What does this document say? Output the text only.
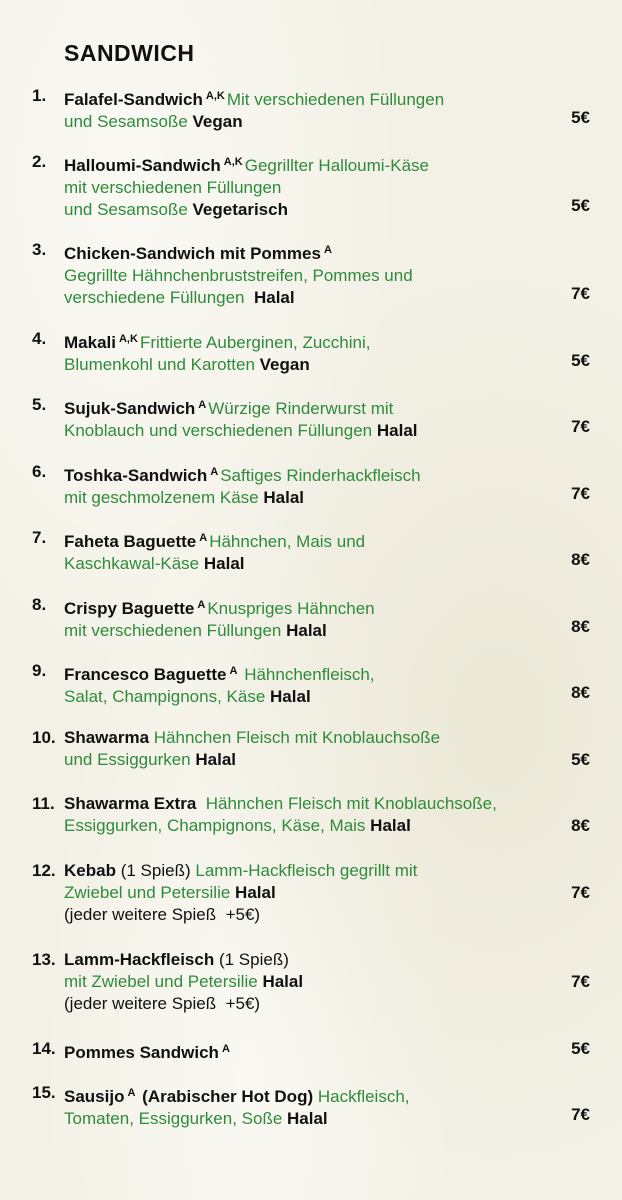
SANDWICH
1. Falafel-Sandwich $^{A,K}$ Mit verschiedenen Füllungen
und Sesamsoße Vegan	5€
2. Halloumi-Sandwich $^{A,K}$ Gegrillter Halloumi-Käse
mit verschiedenen Füllungen
und Sesamsoße Vegetarisch	5€
3. Chicken-Sandwich mit Pommes $^A$
Gegrillte Hähnchenbruststreifen, Pommes und
verschiedene Füllungen Halal	7€
4. Makali $^{A,K}$ Frittierte Auberginen, Zucchini,
Blumenkohl und Karotten Vegan	5€
5. Sujuk-Sandwich $^A$ Würzige Rinderwurst mit
Knoblauch und verschiedenen Füllungen Halal	7€
6. Toshka-Sandwich $^A$ Saftiges Rinderhackfleisch
mit geschmolzenem Käse Halal	7€
7. Faheta Baguette $^A$ Hähnchen, Mais und
Kaschkawal-Käse Halal	8€
8. Crispy Baguette $^A$ Knuspriges Hähnchen
mit verschiedenen Füllungen Halal	8€
9. Francesco Baguette $^A$ Hähnchenfleisch,
Salat, Champignons, Käse Halal	8€
10. Shawarma Hähnchen Fleisch mit Knoblauchsoße
und Essiggurken Halal	5€
11. Shawarma Extra Hähnchen Fleisch mit Knoblauchsoße,
Essiggurken, Champignons, Käse, Mais Halal	8€
12. Kebab (1 Spieß) Lamm-Hackfleisch gegrillt mit
Zwiebel und Petersilie Halal
(jeder weitere Spieß  +5€)
7€
13. Lamm-Hackfleisch (1 Spieß)
mit Zwiebel und Petersilie Halal
(jeder weitere Spieß  +5€)
7€
14. Pommes Sandwich $^A$	5€
15. Sausijo $^A$ (Arabischer Hot Dog) Hackfleisch,
Tomaten, Essiggurken, Soße Halal	7€
